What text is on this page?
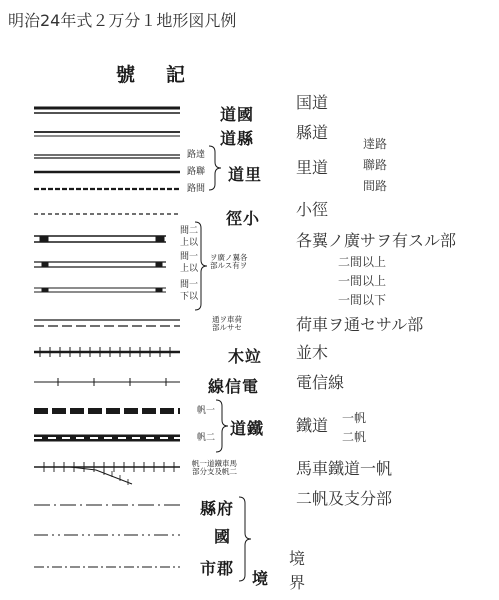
明治24年式２万分１地形図凡例
號　記
道國
道縣
路達
路聯
路間
道里
徑小
間二
上以
間一
上以
間一
下以
ヲ廣ノ翼各
部ルス有ヲ
通ヲ車荷
部ルサセ
木竝
線信電
帆一
帆二 道鐵
帆一道鐵車馬
部分支及帆二
縣府
國
市郡
境
国道
縣道
達路
里道	聯路
間路
小徑
各翼ノ廣サヲ有スル部
二間以上
一間以上
一間以下
荷車ヲ通セサル部
並木
電信線
一帆
鐵道
二帆
馬車鐵道一帆
二帆及支分部
境
界
